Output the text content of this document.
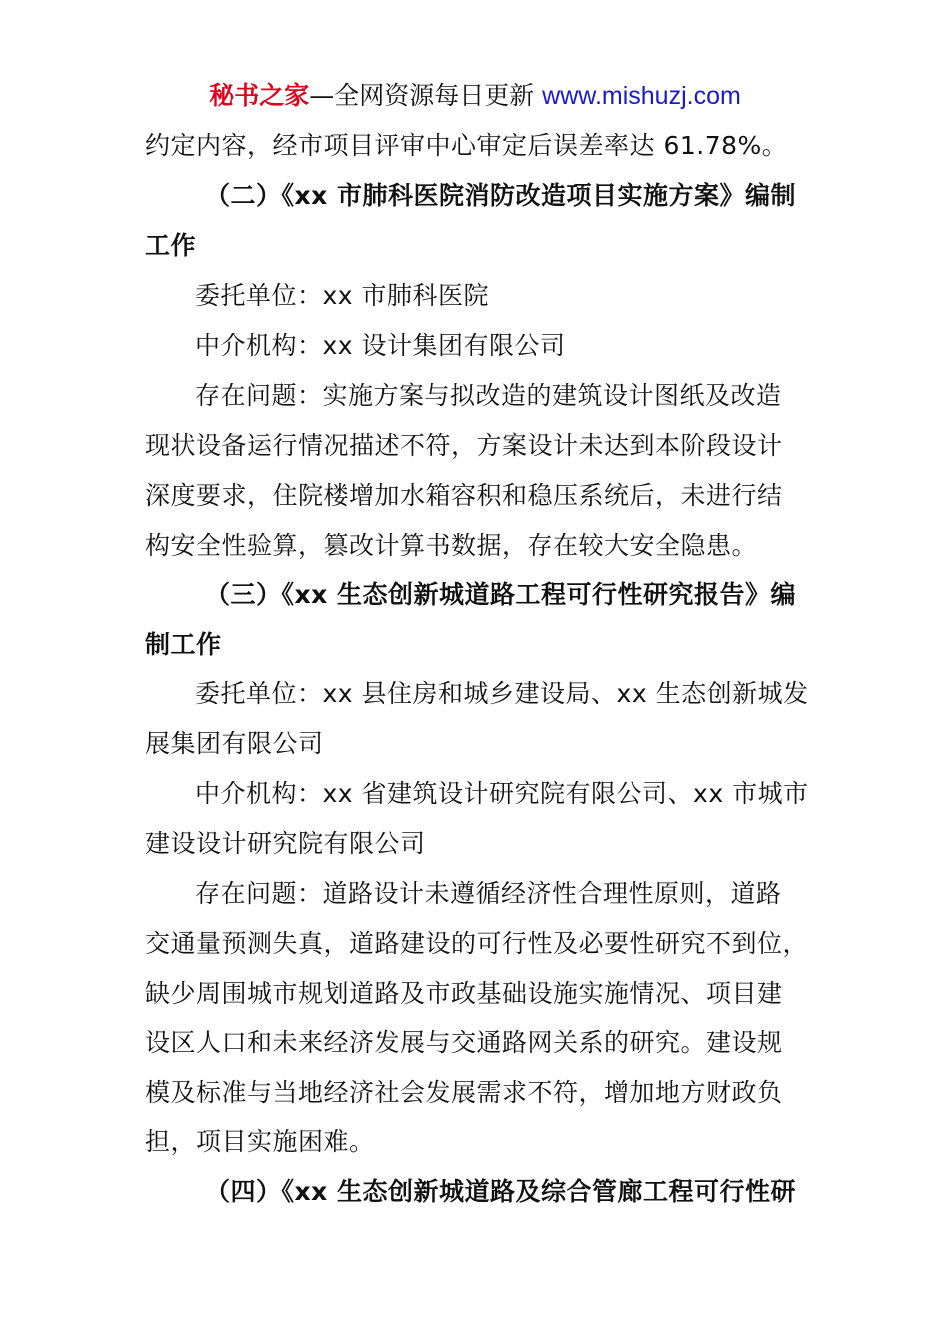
秘书之家—全网资源每日更新 www.mishuzj.com
约定内容，经市项目评审中心审定后误差率达 61.78%。
（二）《xx 市肺科医院消防改造项目实施方案》编制
工作
委托单位：xx 市肺科医院
中介机构：xx 设计集团有限公司
存在问题：实施方案与拟改造的建筑设计图纸及改造
现状设备运行情况描述不符，方案设计未达到本阶段设计
深度要求，住院楼增加水箱容积和稳压系统后，未进行结
构安全性验算，篡改计算书数据，存在较大安全隐患。
（三）《xx 生态创新城道路工程可行性研究报告》编
制工作
委托单位：xx 县住房和城乡建设局、xx 生态创新城发
展集团有限公司
中介机构：xx 省建筑设计研究院有限公司、xx 市城市
建设设计研究院有限公司
存在问题：道路设计未遵循经济性合理性原则，道路
交通量预测失真，道路建设的可行性及必要性研究不到位，
缺少周围城市规划道路及市政基础设施实施情况、项目建
设区人口和未来经济发展与交通路网关系的研究。建设规
模及标准与当地经济社会发展需求不符，增加地方财政负
担，项目实施困难。
（四）《xx 生态创新城道路及综合管廊工程可行性研
